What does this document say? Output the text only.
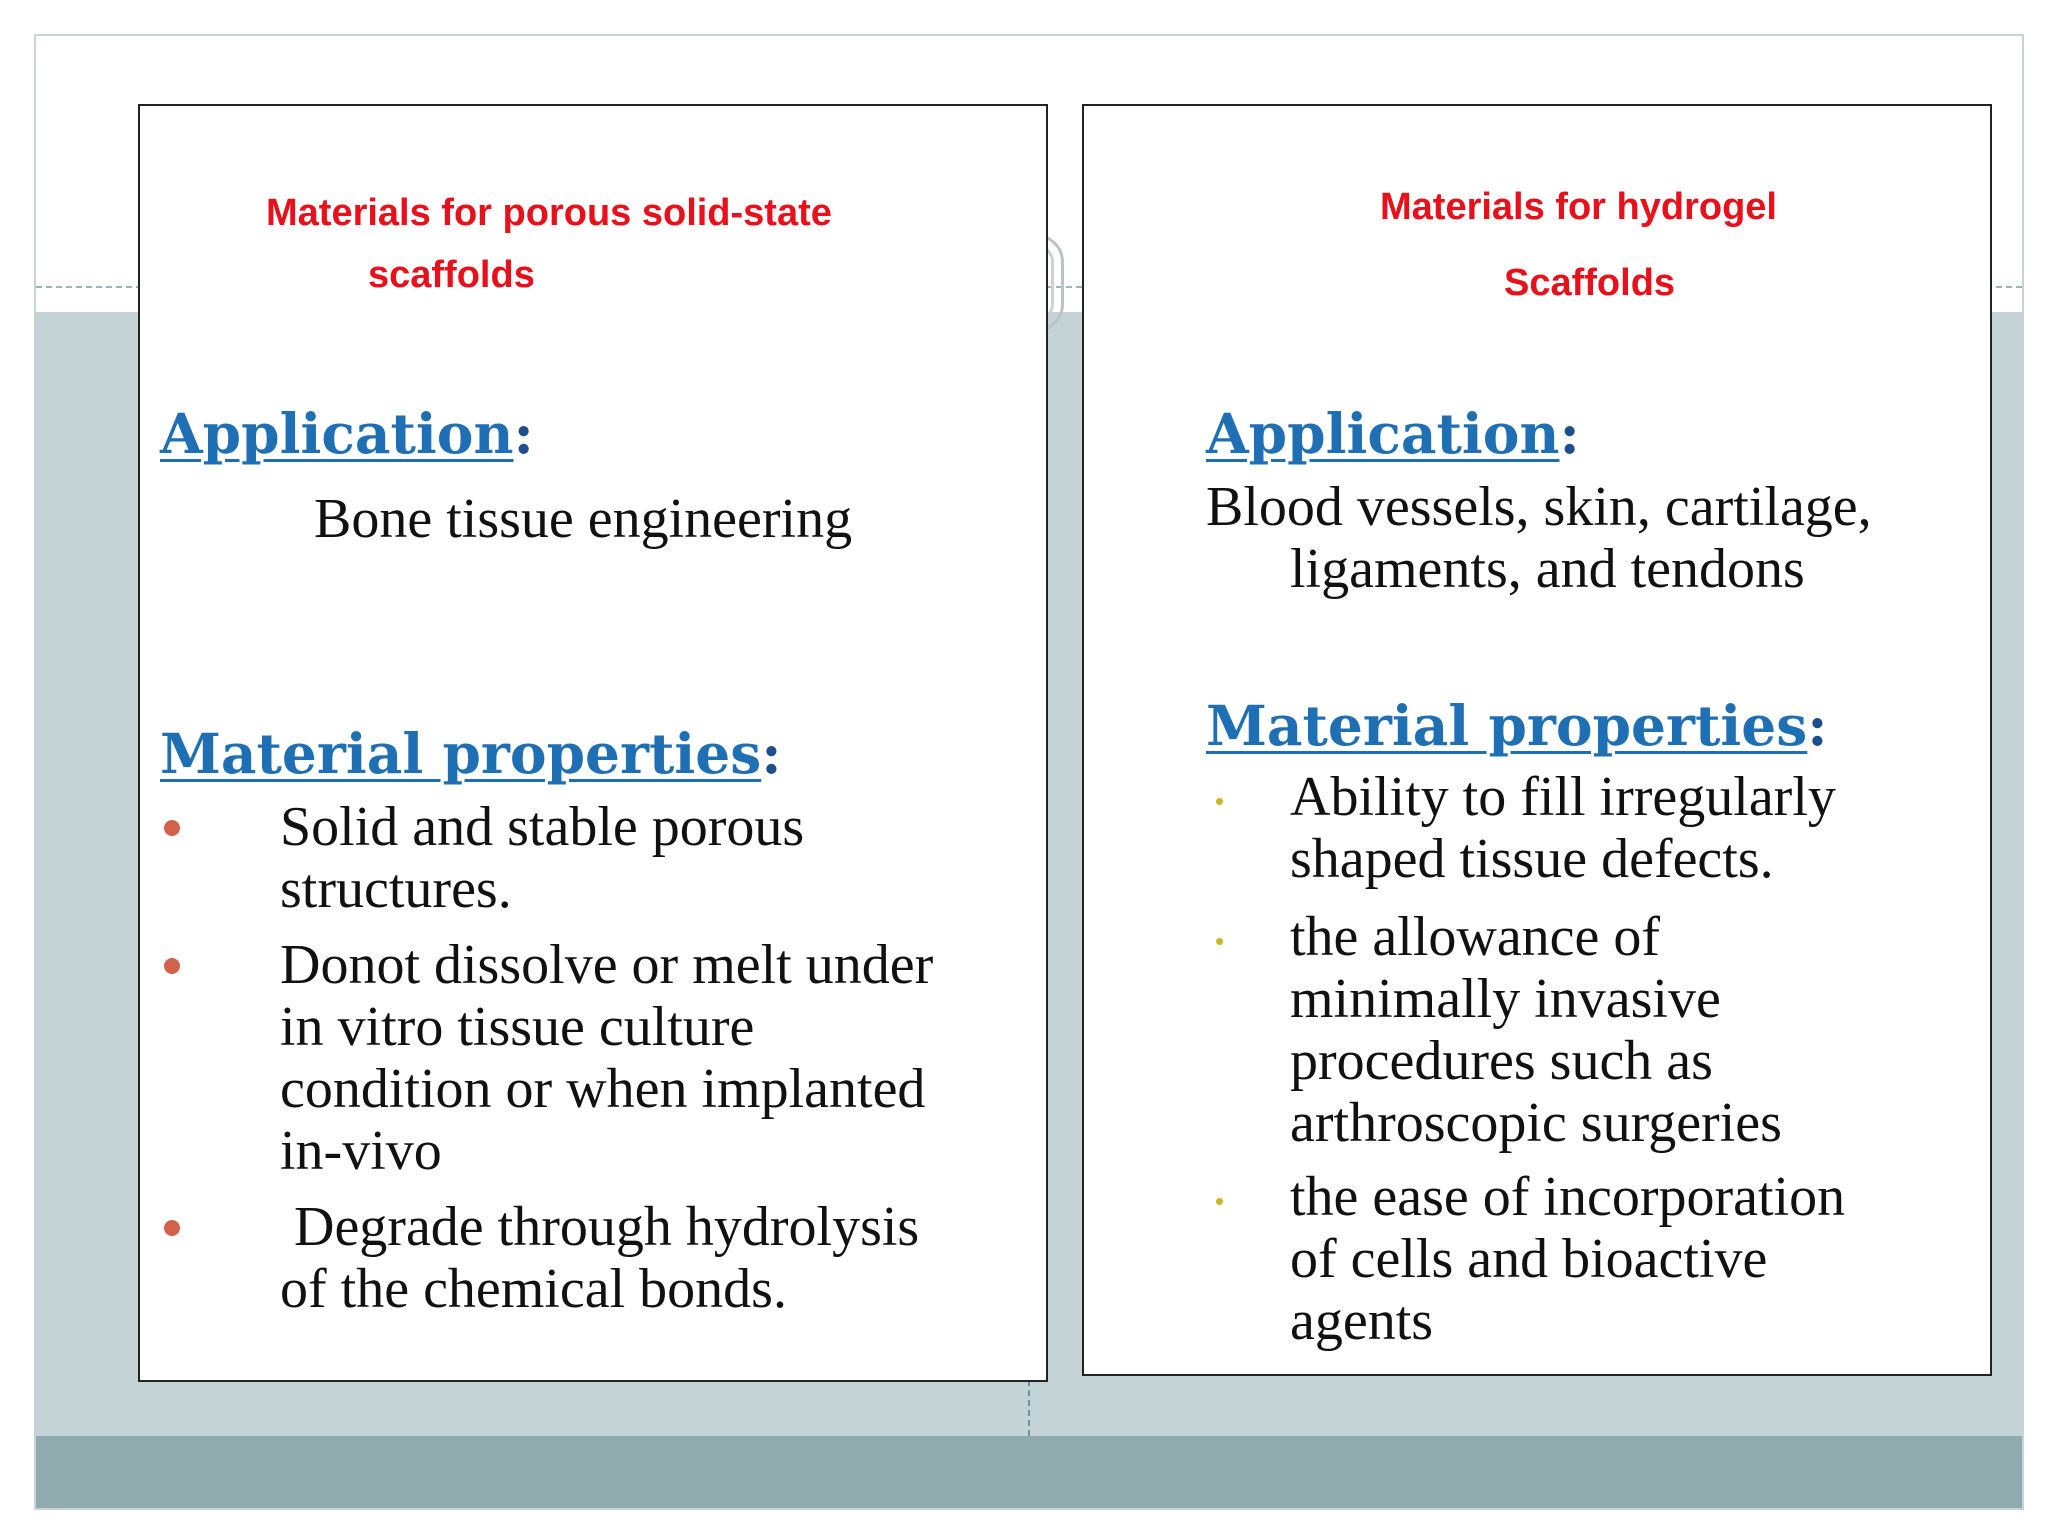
Materials for porous solid-state
scaffolds
Application:
Bone tissue engineering
Material properties:
Solid and stable porous
structures.
Donot dissolve or melt under
in vitro tissue culture
condition or when implanted
in-vivo
Degrade through hydrolysis
of the chemical bonds.
Materials for hydrogel
Scaffolds
Application:
Blood vessels, skin, cartilage,
ligaments, and tendons
Material properties:
Ability to fill irregularly
shaped tissue defects.
the allowance of
minimally invasive
procedures such as
arthroscopic surgeries
the ease of incorporation
of cells and bioactive
agents
